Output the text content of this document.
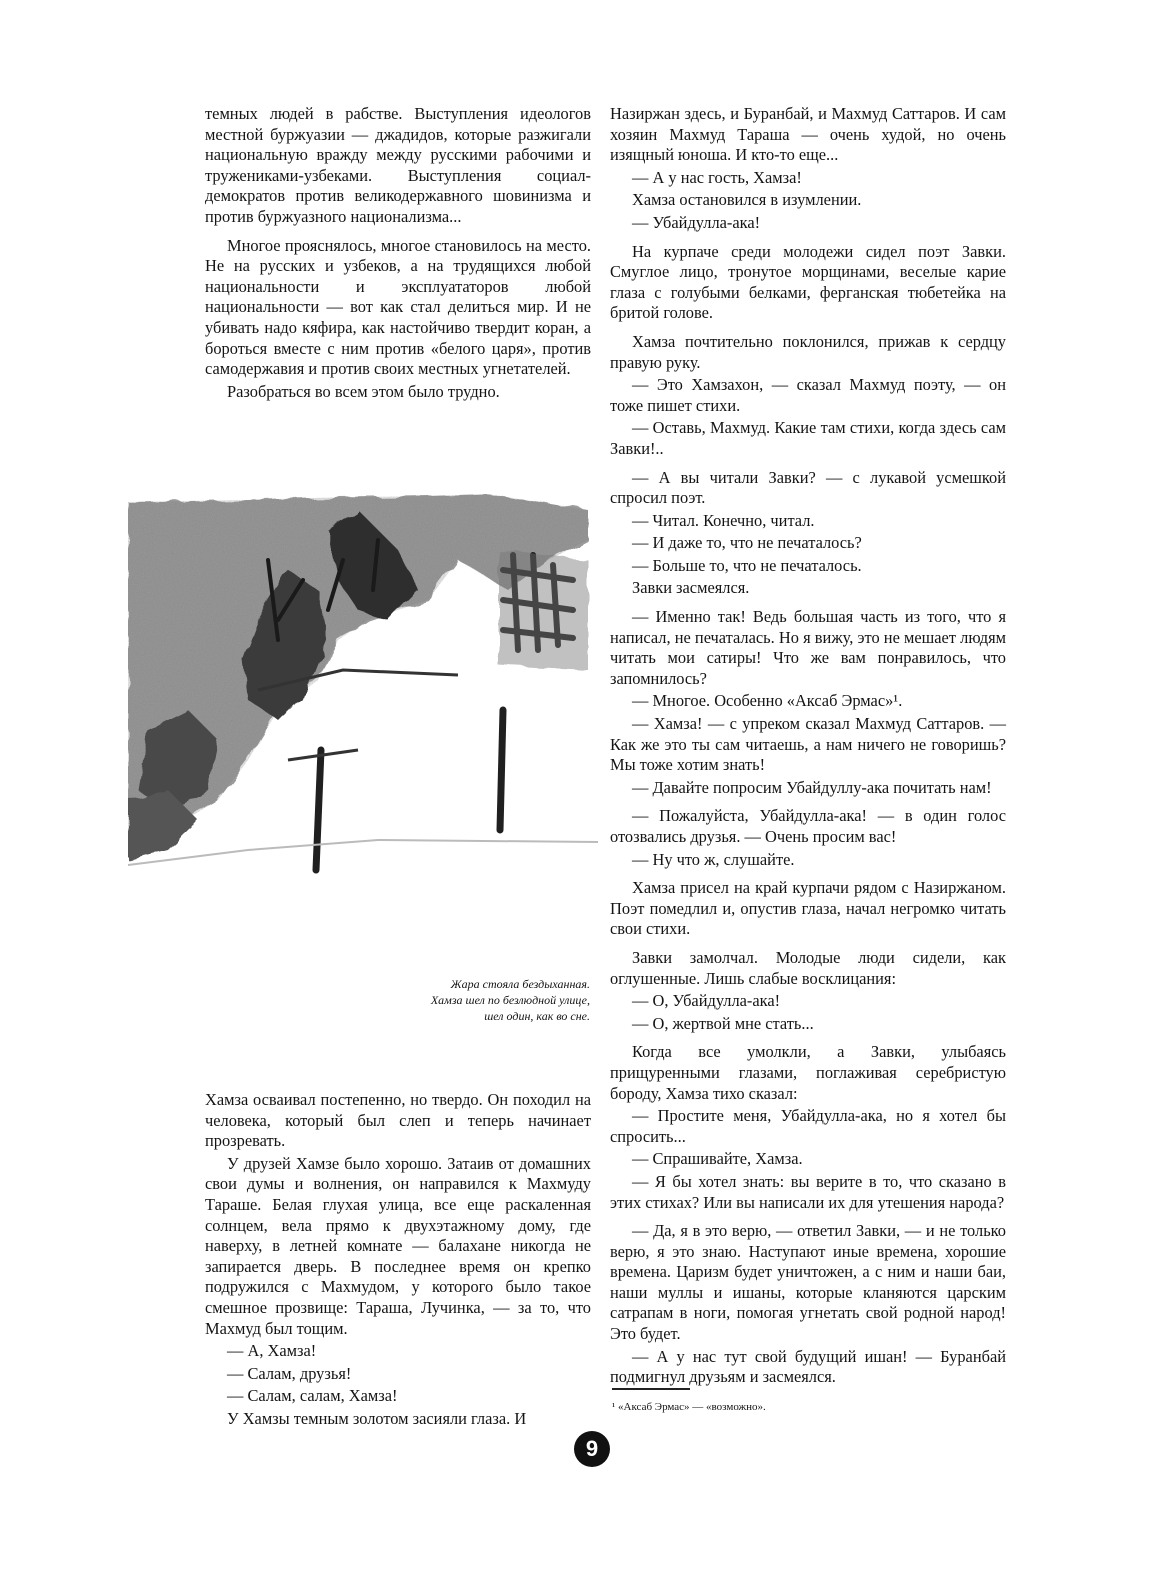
темных людей в рабстве. Выступления идеологов местной буржуазии — джадидов, которые разжигали национальную вражду между русскими рабочими и тружениками-узбеками. Выступления социал-демократов против великодержавного шовинизма и против буржуазного национализма...

Многое прояснялось, многое становилось на место. Не на русских и узбеков, а на трудящихся любой национальности и эксплуататоров любой национальности — вот как стал делиться мир. И не убивать надо кяфира, как настойчиво твердит коран, а бороться вместе с ним против «белого царя», против самодержавия и против своих местных угнетателей.

Разобраться во всем этом было трудно.

Жара стояла бездыханная.
Хамза шел по безлюдной улице,
шел один, как во сне.

Хамза осваивал постепенно, но твердо. Он походил на человека, который был слеп и теперь начинает прозревать.

У друзей Хамзе было хорошо. Затаив от домашних свои думы и волнения, он направился к Махмуду Тараше. Белая глухая улица, все еще раскаленная солнцем, вела прямо к двухэтажному дому, где наверху, в летней комнате — балахане никогда не запирается дверь. В последнее время он крепко подружился с Махмудом, у которого было такое смешное прозвище: Тараша, Лучинка, — за то, что Махмуд был тощим.

— А, Хамза!

— Салам, друзья!

— Салам, салам, Хамза!

У Хамзы темным золотом засияли глаза. И

Назиржан здесь, и Буранбай, и Махмуд Саттаров. И сам хозяин Махмуд Тараша — очень худой, но очень изящный юноша. И кто-то еще...

— А у нас гость, Хамза!

Хамза остановился в изумлении.

— Убайдулла-ака!

На курпаче среди молодежи сидел поэт Завки. Смуглое лицо, тронутое морщинами, веселые карие глаза с голубыми белками, ферганская тюбетейка на бритой голове.

Хамза почтительно поклонился, прижав к сердцу правую руку.

— Это Хамзахон, — сказал Махмуд поэту, — он тоже пишет стихи.

— Оставь, Махмуд. Какие там стихи, когда здесь сам Завки!..

— А вы читали Завки? — с лукавой усмешкой спросил поэт.

— Читал. Конечно, читал.

— И даже то, что не печаталось?

— Больше то, что не печаталось.

Завки засмеялся.

— Именно так! Ведь большая часть из того, что я написал, не печаталась. Но я вижу, это не мешает людям читать мои сатиры! Что же вам понравилось, что запомнилось?

— Многое. Особенно «Аксаб Эрмас»¹.

— Хамза! — с упреком сказал Махмуд Саттаров. — Как же это ты сам читаешь, а нам ничего не говоришь? Мы тоже хотим знать!

— Давайте попросим Убайдуллу-ака почитать нам!

— Пожалуйста, Убайдулла-ака! — в один голос отозвались друзья. — Очень просим вас!

— Ну что ж, слушайте.

Хамза присел на край курпачи рядом с Назиржаном. Поэт помедлил и, опустив глаза, начал негромко читать свои стихи.

Завки замолчал. Молодые люди сидели, как оглушенные. Лишь слабые восклицания:

— О, Убайдулла-ака!

— О, жертвой мне стать...

Когда все умолкли, а Завки, улыбаясь прищуренными глазами, поглаживая серебристую бороду, Хамза тихо сказал:

— Простите меня, Убайдулла-ака, но я хотел бы спросить...

— Спрашивайте, Хамза.

— Я бы хотел знать: вы верите в то, что сказано в этих стихах? Или вы написали их для утешения народа?

— Да, я в это верю, — ответил Завки, — и не только верю, я это знаю. Наступают иные времена, хорошие времена. Царизм будет уничтожен, а с ним и наши баи, наши муллы и ишаны, которые кланяются царским сатрапам в ноги, помогая угнетать свой родной народ! Это будет.

— А у нас тут свой будущий ишан! — Буранбай подмигнул друзьям и засмеялся.

¹ «Аксаб Эрмас» — «возможно».
9
